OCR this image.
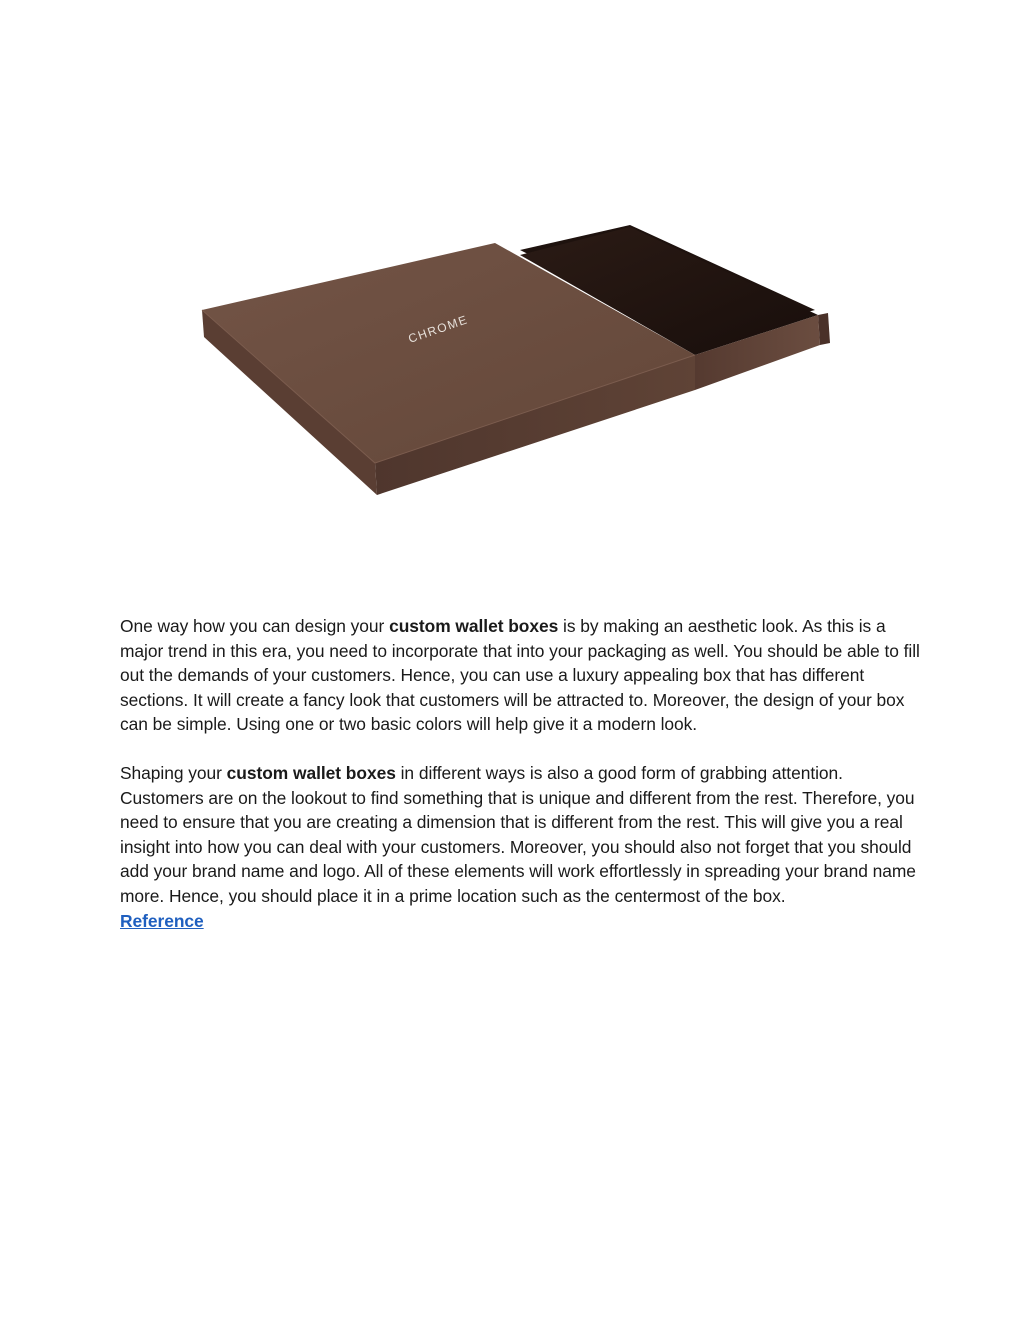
CHROME

One way how you can design your custom wallet boxes is by making an aesthetic look. As this is a major trend in this era, you need to incorporate that into your packaging as well. You should be able to fill out the demands of your customers. Hence, you can use a luxury appealing box that has different sections. It will create a fancy look that customers will be attracted to. Moreover, the design of your box can be simple. Using one or two basic colors will help give it a modern look.

Shaping your custom wallet boxes in different ways is also a good form of grabbing attention. Customers are on the lookout to find something that is unique and different from the rest. Therefore, you need to ensure that you are creating a dimension that is different from the rest. This will give you a real insight into how you can deal with your customers. Moreover, you should also not forget that you should add your brand name and logo. All of these elements will work effortlessly in spreading your brand name more. Hence, you should place it in a prime location such as the centermost of the box.
Reference
